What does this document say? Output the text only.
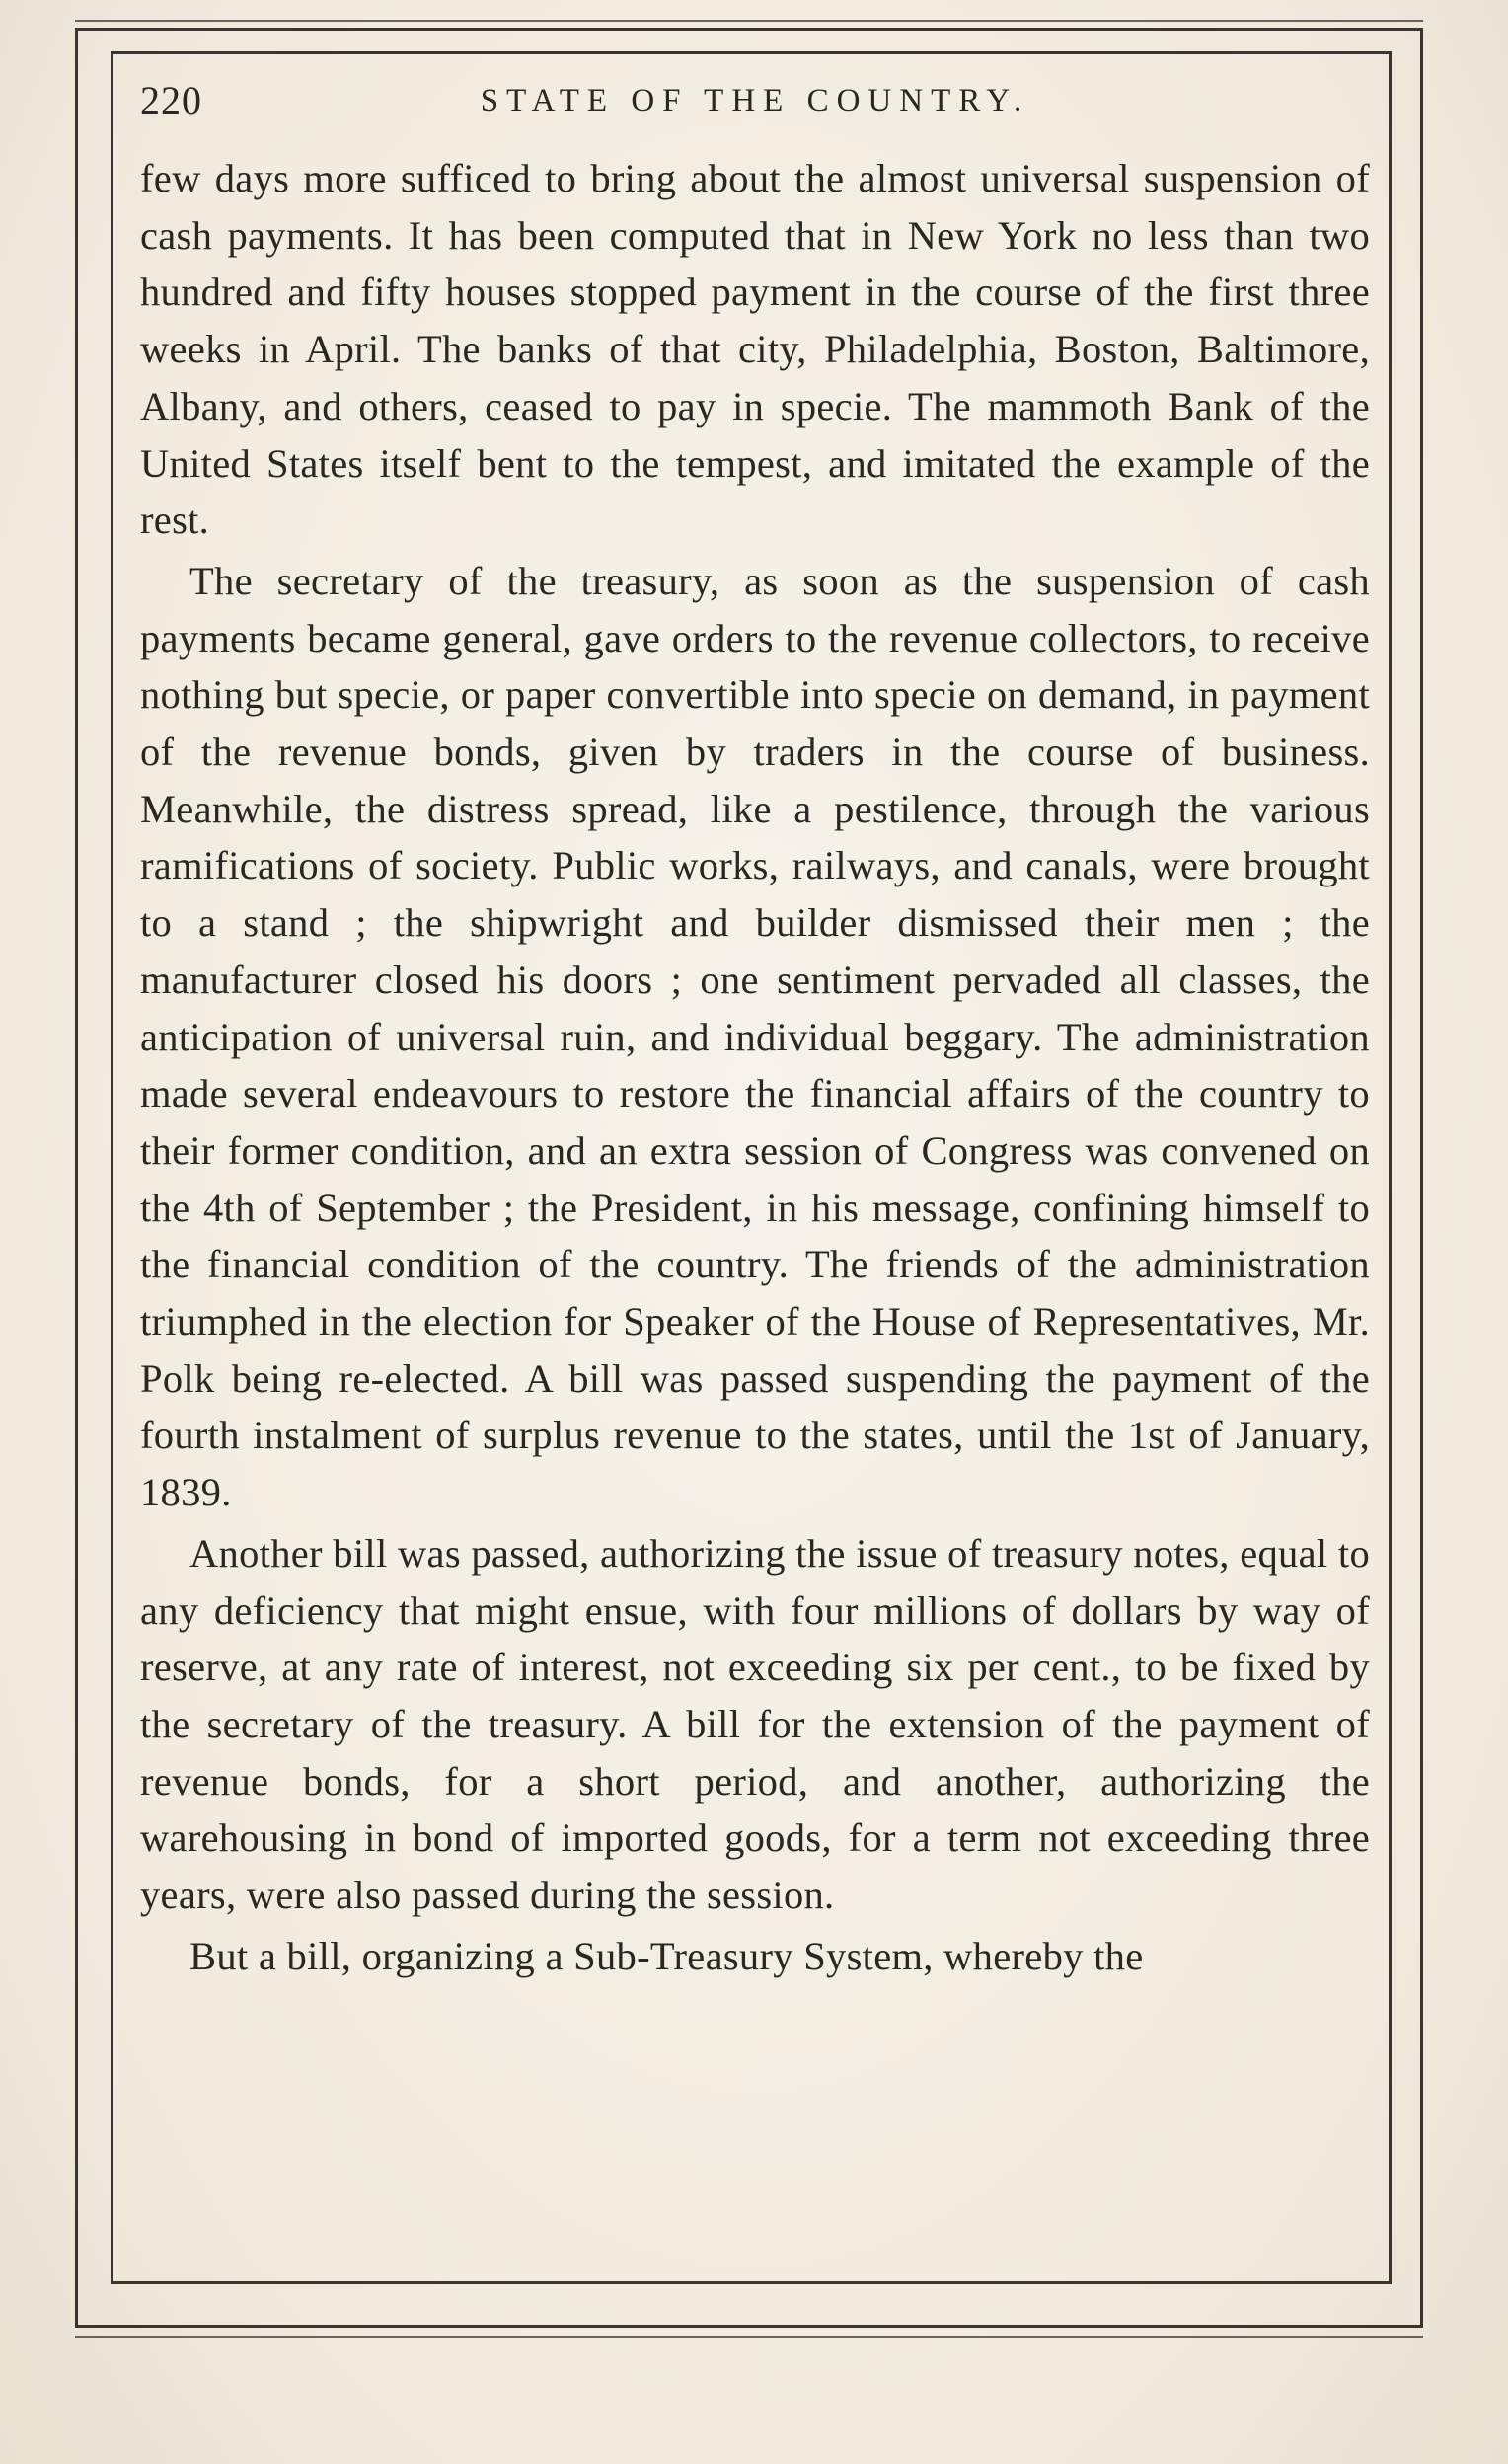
220	STATE OF THE COUNTRY.

few days more sufficed to bring about the almost universal suspension of cash payments. It has been computed that in New York no less than two hundred and fifty houses stopped payment in the course of the first three weeks in April. The banks of that city, Philadelphia, Boston, Baltimore, Albany, and others, ceased to pay in specie. The mammoth Bank of the United States itself bent to the tempest, and imitated the example of the rest.

The secretary of the treasury, as soon as the suspension of cash payments became general, gave orders to the revenue collectors, to receive nothing but specie, or paper convertible into specie on demand, in payment of the revenue bonds, given by traders in the course of business. Meanwhile, the distress spread, like a pestilence, through the various ramifications of society. Public works, railways, and canals, were brought to a stand ; the shipwright and builder dismissed their men ; the manufacturer closed his doors ; one sentiment pervaded all classes, the anticipation of universal ruin, and individual beggary. The administration made several endeavours to restore the financial affairs of the country to their former condition, and an extra session of Congress was convened on the 4th of September ; the President, in his message, confining himself to the financial condition of the country. The friends of the administration triumphed in the election for Speaker of the House of Representatives, Mr. Polk being re-elected. A bill was passed suspending the payment of the fourth instalment of surplus revenue to the states, until the 1st of January, 1839.

Another bill was passed, authorizing the issue of treasury notes, equal to any deficiency that might ensue, with four millions of dollars by way of reserve, at any rate of interest, not exceeding six per cent., to be fixed by the secretary of the treasury. A bill for the extension of the payment of revenue bonds, for a short period, and another, authorizing the warehousing in bond of imported goods, for a term not exceeding three years, were also passed during the session.

But a bill, organizing a Sub-Treasury System, whereby the
